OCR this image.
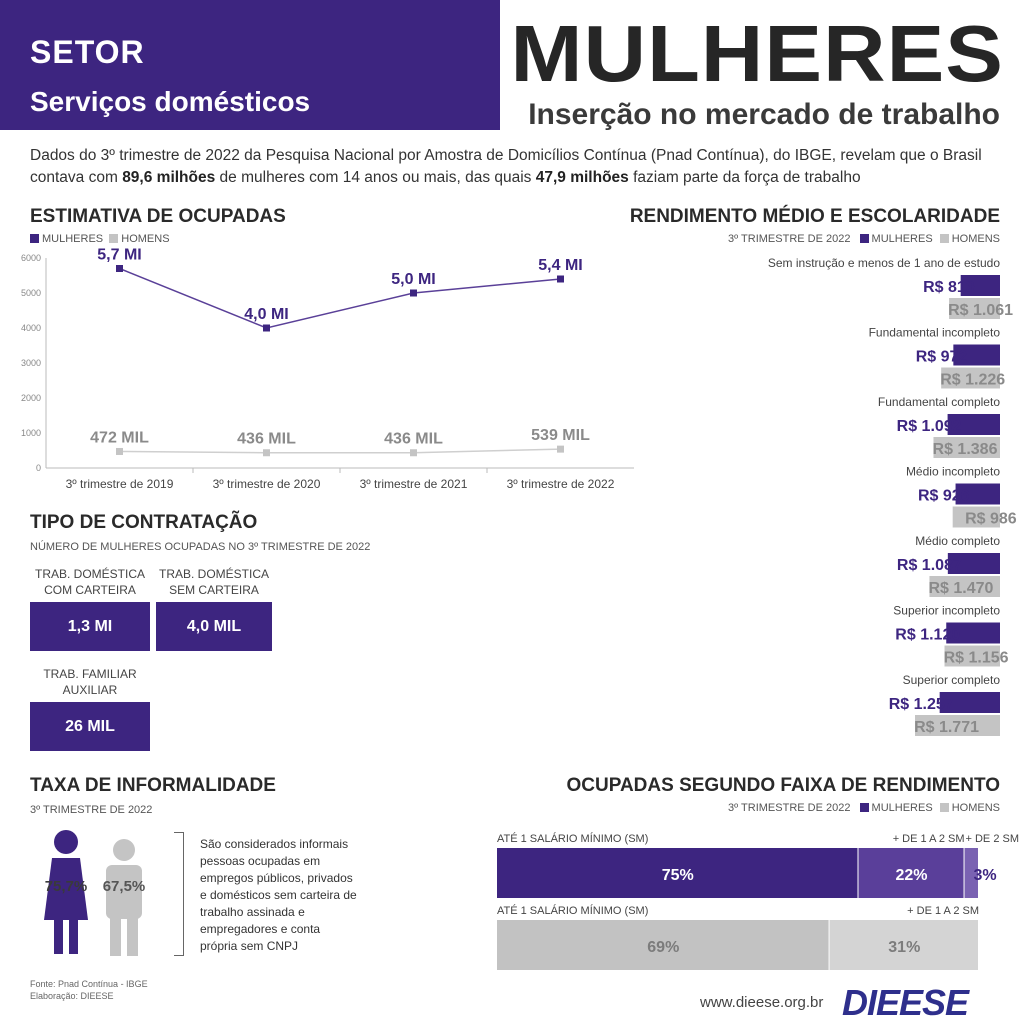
SETOR
Serviços domésticos
MULHERES
Inserção no mercado de trabalho
Dados do 3º trimestre de 2022 da Pesquisa Nacional por Amostra de Domicílios Contínua (Pnad Contínua), do IBGE, revelam que o Brasil contava com 89,6 milhões de mulheres com 14 anos ou mais, das quais 47,9 milhões faziam parte da força de trabalho
ESTIMATIVA DE OCUPADAS
MULHERES HOMENS
0
1000
2000
3000
4000
5000
6000
3º trimestre de 2019	3º trimestre de 2020	3º trimestre de 2021	3º trimestre de 2022
5,7 MI
4,0 MI
5,0 MI
5,4 MI
472 MIL	436 MIL	436 MIL	539 MIL
TIPO DE CONTRATAÇÃO
NÚMERO DE MULHERES OCUPADAS NO 3º TRIMESTRE DE 2022
TRAB. DOMÉSTICA
COM CARTEIRA
1,3 MI
TRAB. DOMÉSTICA
SEM CARTEIRA
4,0 MIL
TRAB. FAMILIAR
AUXILIAR
26 MIL
TAXA DE INFORMALIDADE
3º TRIMESTRE DE 2022
75,7%	67,5%
São considerados informais pessoas ocupadas em empregos públicos, privados e domésticos sem carteira de trabalho assinada e empregadores e conta própria sem CNPJ
RENDIMENTO MÉDIO E ESCOLARIDADE
3º TRIMESTRE DE 2022 MULHERES HOMENS
Sem instrução e menos de 1 ano de estudo
R$ 819
R$ 1.061
Fundamental incompleto
R$ 972
R$ 1.226
Fundamental completo
R$ 1.092
R$ 1.386
Médio incompleto
R$ 926
R$ 986
Médio completo
R$ 1.087
R$ 1.470
Superior incompleto
R$ 1.120
R$ 1.156
Superior completo
R$ 1.257
R$ 1.771
OCUPADAS SEGUNDO FAIXA DE RENDIMENTO
3º TRIMESTRE DE 2022 MULHERES HOMENS
75%
ATÉ 1 SALÁRIO MÍNIMO (SM)
22%
+ DE 1 A 2 SM
3%
+ DE 2 SM
69%
ATÉ 1 SALÁRIO MÍNIMO (SM)
31%
+ DE 1 A 2 SM
Fonte: Pnad Contínua - IBGE
Elaboração: DIEESE	www.dieese.org.br DIEESE
